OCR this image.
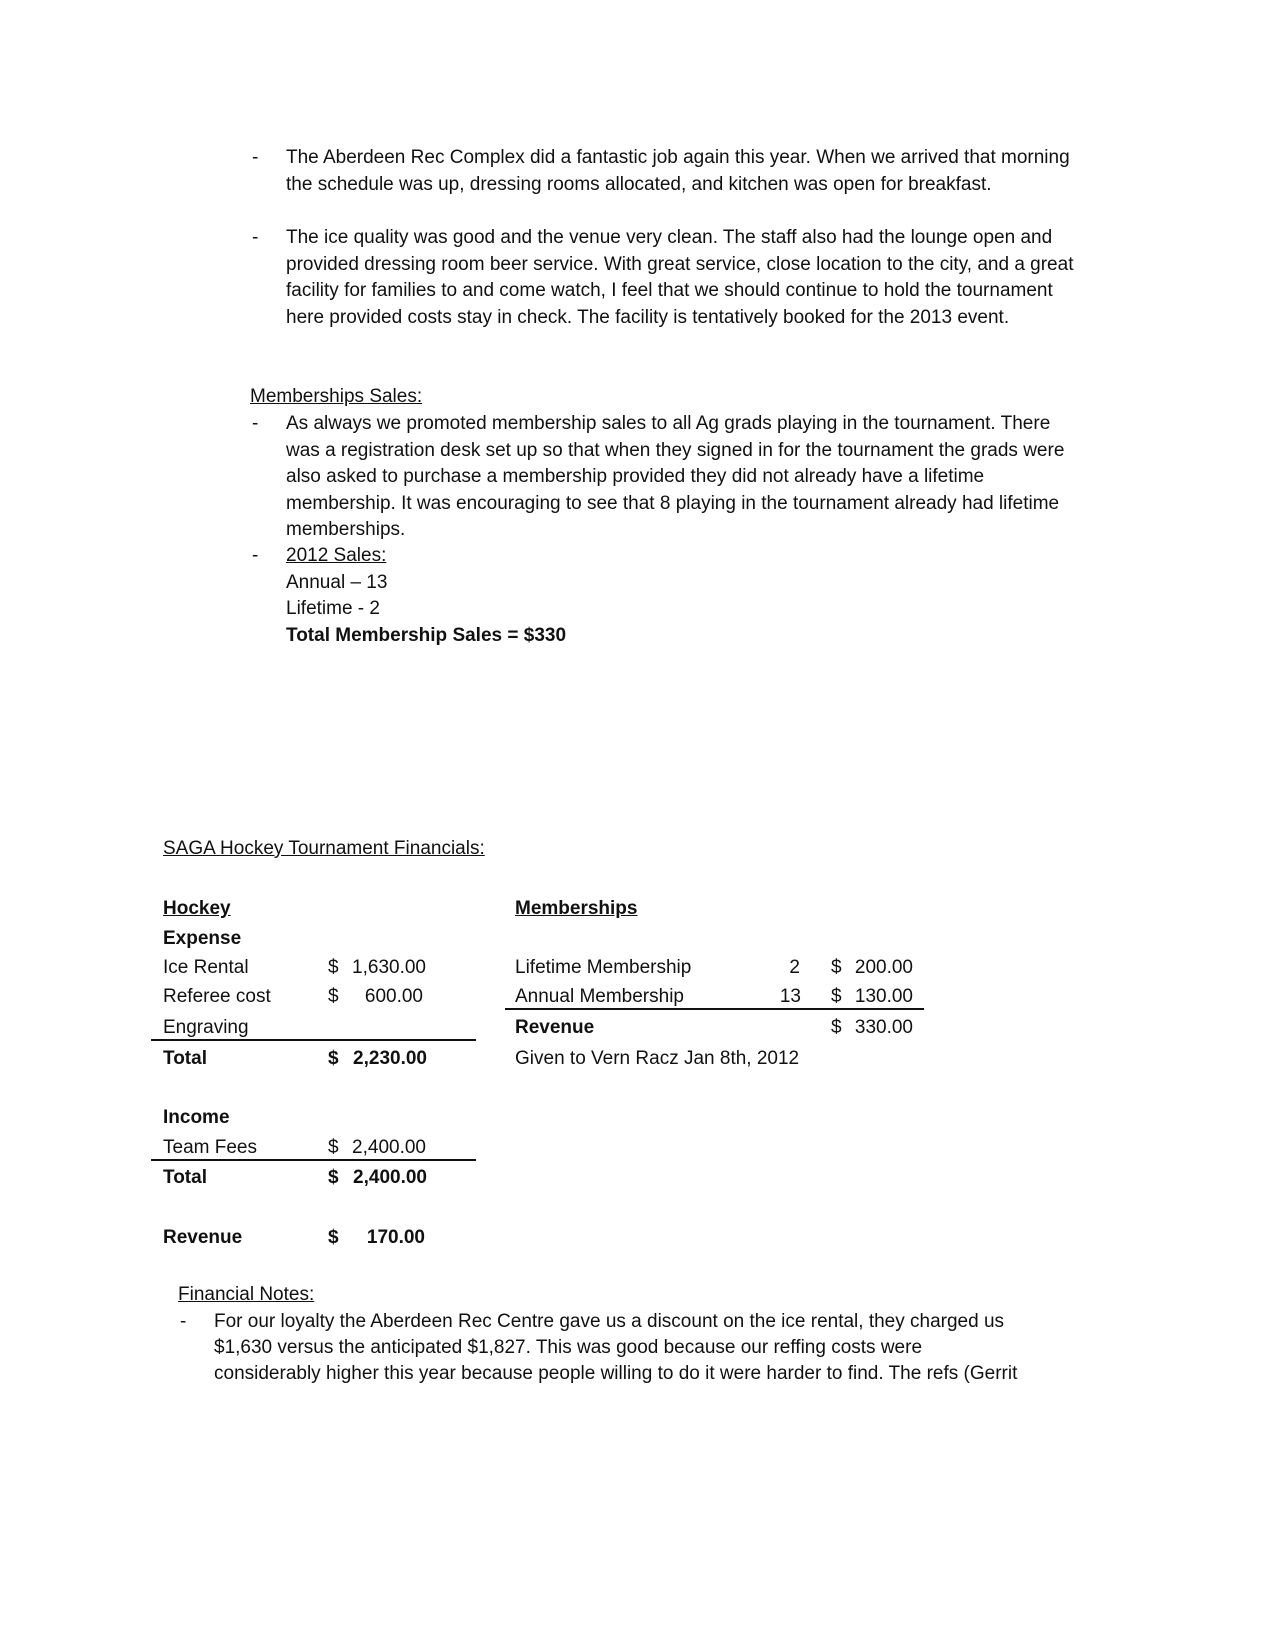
- The Aberdeen Rec Complex did a fantastic job again this year. When we arrived that morning the schedule was up, dressing rooms allocated, and kitchen was open for breakfast.
- The ice quality was good and the venue very clean. The staff also had the lounge open and provided dressing room beer service. With great service, close location to the city, and a great facility for families to and come watch, I feel that we should continue to hold the tournament here provided costs stay in check. The facility is tentatively booked for the 2013 event.
Memberships Sales:
- As always we promoted membership sales to all Ag grads playing in the tournament. There was a registration desk set up so that when they signed in for the tournament the grads were also asked to purchase a membership provided they did not already have a lifetime membership. It was encouraging to see that 8 playing in the tournament already had lifetime memberships.
- 2012 Sales:
Annual – 13
Lifetime - 2
Total Membership Sales = $330
SAGA Hockey Tournament Financials:
Hockey
Expense
Ice Rental	$ 1,630.00
Referee cost	$	600.00
Engraving
Total	$ 2,230.00
Income
Team Fees	$ 2,400.00
Total	$ 2,400.00
Revenue	$	170.00
Memberships
Lifetime Membership	2 $ 200.00
Annual Membership	13 $ 130.00
Revenue	$ 330.00
Given to Vern Racz Jan 8th, 2012
Financial Notes:
- For our loyalty the Aberdeen Rec Centre gave us a discount on the ice rental, they charged us
$1,630 versus the anticipated $1,827. This was good because our reffing costs were
considerably higher this year because people willing to do it were harder to find. The refs (Gerrit
